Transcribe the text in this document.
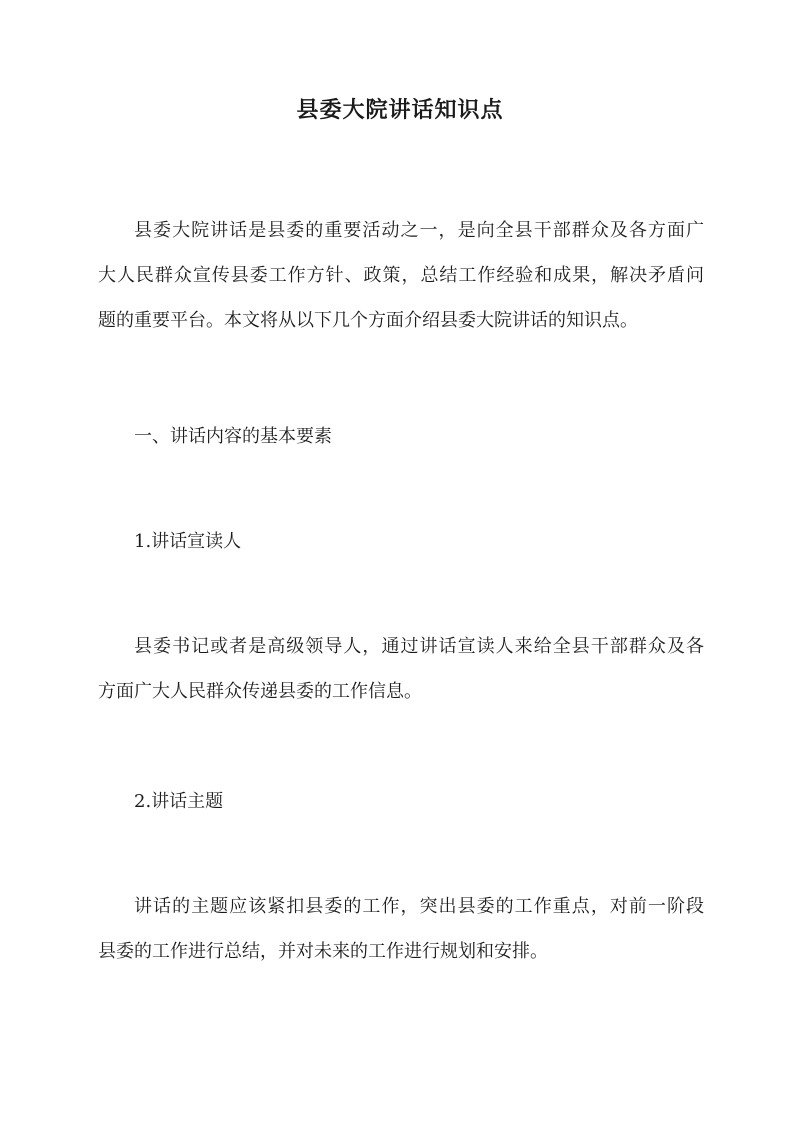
县委大院讲话知识点
县委大院讲话是县委的重要活动之一，是向全县干部群众及各方面广
大人民群众宣传县委工作方针、政策，总结工作经验和成果，解决矛盾问
题的重要平台。本文将从以下几个方面介绍县委大院讲话的知识点。
一、讲话内容的基本要素
1.讲话宣读人
县委书记或者是高级领导人，通过讲话宣读人来给全县干部群众及各
方面广大人民群众传递县委的工作信息。
2.讲话主题
讲话的主题应该紧扣县委的工作，突出县委的工作重点，对前一阶段
县委的工作进行总结，并对未来的工作进行规划和安排。
